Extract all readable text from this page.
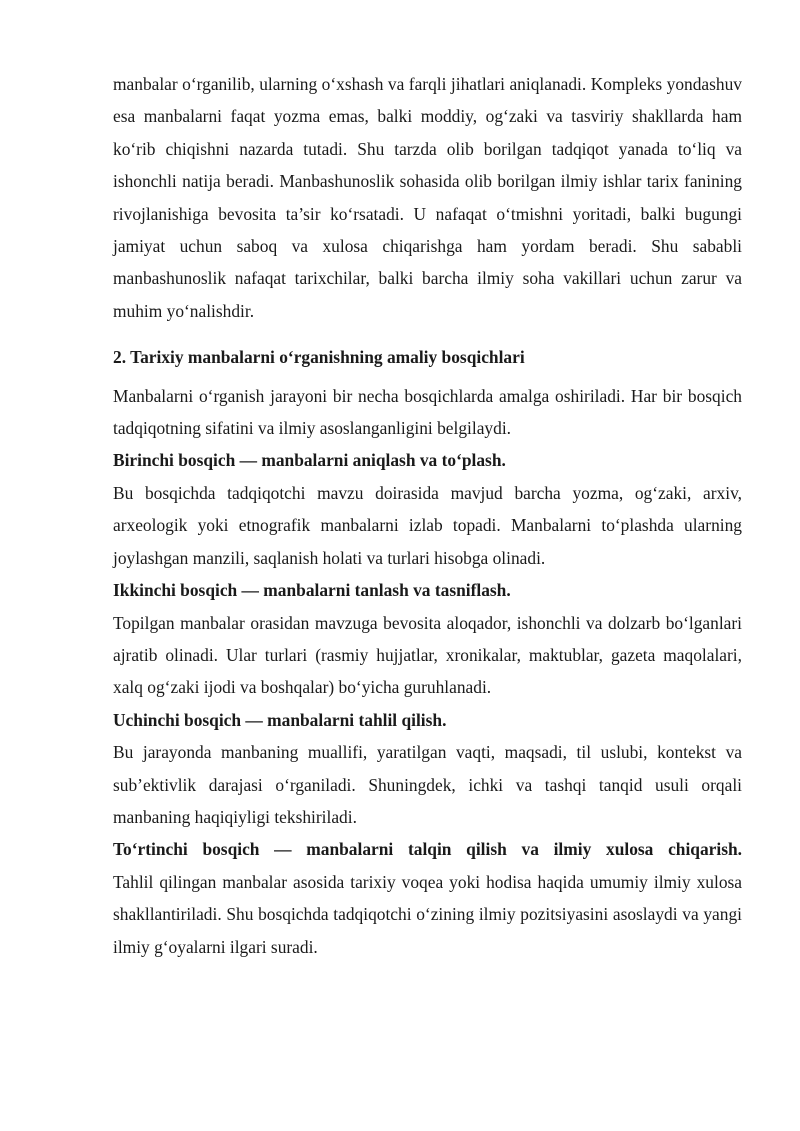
manbalar o‘rganilib, ularning o‘xshash va farqli jihatlari aniqlanadi. Kompleks yondashuv esa manbalarni faqat yozma emas, balki moddiy, og‘zaki va tasviriy shakllarda ham ko‘rib chiqishni nazarda tutadi. Shu tarzda olib borilgan tadqiqot yanada to‘liq va ishonchli natija beradi. Manbashunoslik sohasida olib borilgan ilmiy ishlar tarix fanining rivojlanishiga bevosita ta’sir ko‘rsatadi. U nafaqat o‘tmishni yoritadi, balki bugungi jamiyat uchun saboq va xulosa chiqarishga ham yordam beradi. Shu sababli manbashunoslik nafaqat tarixchilar, balki barcha ilmiy soha vakillari uchun zarur va muhim yo‘nalishdir.

2. Tarixiy manbalarni o‘rganishning amaliy bosqichlari

Manbalarni o‘rganish jarayoni bir necha bosqichlarda amalga oshiriladi. Har bir bosqich tadqiqotning sifatini va ilmiy asoslanganligini belgilaydi.

Birinchi bosqich — manbalarni aniqlash va to‘plash.

Bu bosqichda tadqiqotchi mavzu doirasida mavjud barcha yozma, og‘zaki, arxiv, arxeologik yoki etnografik manbalarni izlab topadi. Manbalarni to‘plashda ularning joylashgan manzili, saqlanish holati va turlari hisobga olinadi.

Ikkinchi bosqich — manbalarni tanlash va tasniflash.

Topilgan manbalar orasidan mavzuga bevosita aloqador, ishonchli va dolzarb bo‘lganlari ajratib olinadi. Ular turlari (rasmiy hujjatlar, xronikalar, maktublar, gazeta maqolalari, xalq og‘zaki ijodi va boshqalar) bo‘yicha guruhlanadi.

Uchinchi bosqich — manbalarni tahlil qilish.

Bu jarayonda manbaning muallifi, yaratilgan vaqti, maqsadi, til uslubi, kontekst va sub’ektivlik darajasi o‘rganiladi. Shuningdek, ichki va tashqi tanqid usuli orqali manbaning haqiqiyligi tekshiriladi.

To‘rtinchi bosqich — manbalarni talqin qilish va ilmiy xulosa chiqarish.

Tahlil qilingan manbalar asosida tarixiy voqea yoki hodisa haqida umumiy ilmiy xulosa shakllantiriladi. Shu bosqichda tadqiqotchi o‘zining ilmiy pozitsiyasini asoslaydi va yangi ilmiy g‘oyalarni ilgari suradi.
